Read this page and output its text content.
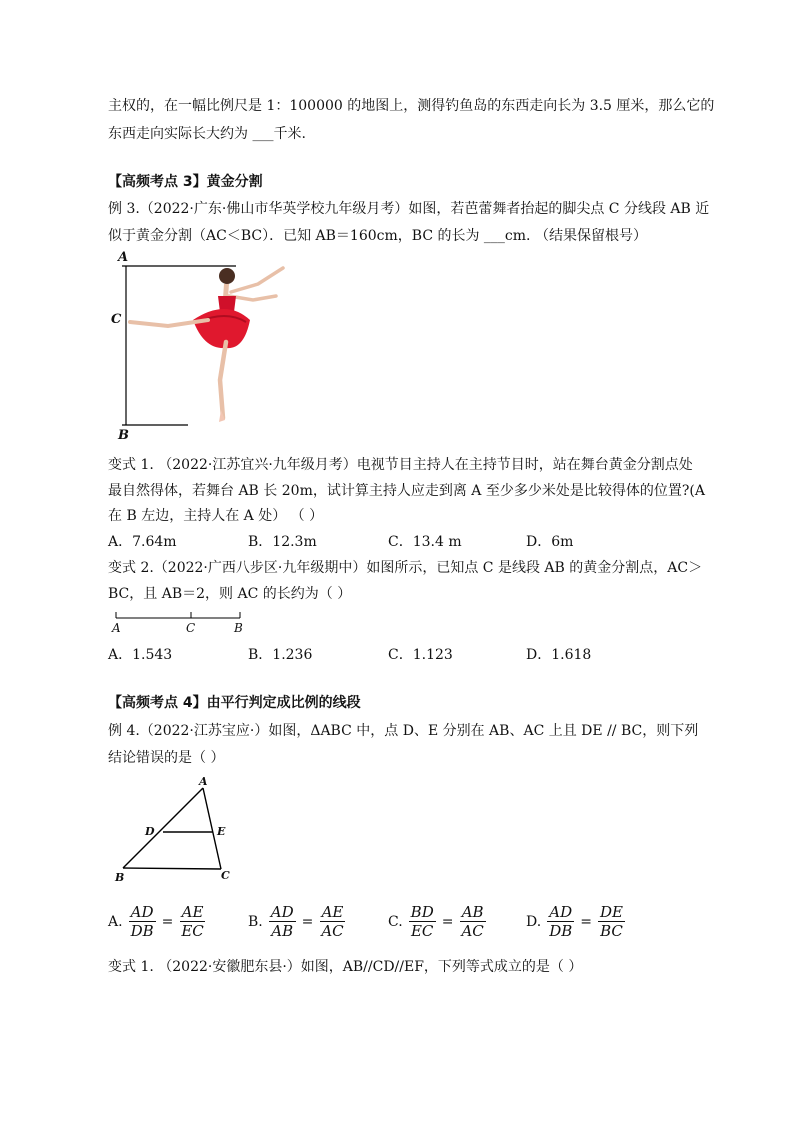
主权的，在一幅比例尺是 1：100000 的地图上，测得钓鱼岛的东西走向长为 3.5 厘米，那么它的
东西走向实际长大约为 ___千米.
【高频考点 3】黄金分割
例 3.（2022·广东·佛山市华英学校九年级月考）如图，若芭蕾舞者抬起的脚尖点 C 分线段 AB 近
似于黄金分割（AC＜BC）．已知 AB＝160cm，BC 的长为 ___cm. （结果保留根号）
A
C
B
变式 1. （2022·江苏宜兴·九年级月考）电视节目主持人在主持节目时，站在舞台黄金分割点处
最自然得体，若舞台 AB 长 20m，试计算主持人应走到离 A 至少多少米处是比较得体的位置?(A
在 B 左边，主持人在 A 处） （ ）
A．7.64m	B．12.3m	C．13.4 m	D．6m
变式 2.（2022·广西八步区·九年级期中）如图所示，已知点 C 是线段 AB 的黄金分割点，AC＞
BC，且 AB＝2，则 AC 的长约为（ ）
A	C	B
A．1.543	B．1.236	C．1.123	D．1.618
【高频考点 4】由平行判定成比例的线段
例 4.（2022·江苏宝应·）如图，ΔABC 中，点 D、E 分别在 AB、AC 上且 DE // BC，则下列
结论错误的是（ ）
A
D	E
B	C
A. $\frac{AD}{DB} = \frac{AE}{EC}$	B. $\frac{AD}{AB} = \frac{AE}{AC}$	C. $\frac{BD}{EC} = \frac{AB}{AC}$	D. $\frac{AD}{DB} = \frac{DE}{BC}$
变式 1. （2022·安徽肥东县·）如图，AB//CD//EF，下列等式成立的是（ ）
